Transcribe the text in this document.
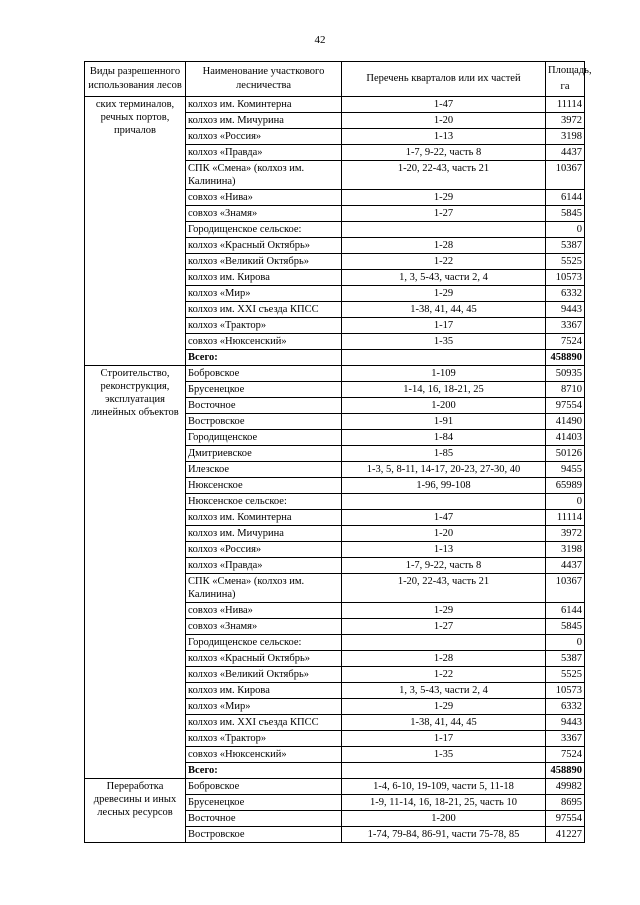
42
Виды разрешенного использования лесов	Наименование участкового лесничества	Перечень кварталов или их частей	Площадь, га
ских терминалов, речных портов, причалов	колхоз им. Коминтерна	1-47	11114
	колхоз им. Мичурина	1-20	3972
	колхоз «Россия»	1-13	3198
	колхоз «Правда»	1-7, 9-22, часть 8	4437
	СПК «Смена» (колхоз им. Калинина)	1-20, 22-43, часть 21	10367
	совхоз «Нива»	1-29	6144
	совхоз «Знамя»	1-27	5845
	Городищенское сельское:		0
	колхоз «Красный Октябрь»	1-28	5387
	колхоз «Великий Октябрь»	1-22	5525
	колхоз им. Кирова	1, 3, 5-43, части 2, 4	10573
	колхоз «Мир»	1-29	6332
	колхоз им. XXI съезда КПСС	1-38, 41, 44, 45	9443
	колхоз «Трактор»	1-17	3367
	совхоз «Нюксенский»	1-35	7524
	Всего:		458890
Строительство, реконструкция, эксплуатация линейных объектов	Бобровское	1-109	50935
	Брусенецкое	1-14, 16, 18-21, 25	8710
	Восточное	1-200	97554
	Востровское	1-91	41490
	Городищенское	1-84	41403
	Дмитриевское	1-85	50126
	Илезское	1-3, 5, 8-11, 14-17, 20-23, 27-30, 40	9455
	Нюксенское	1-96, 99-108	65989
	Нюксенское сельское:		0
	колхоз им. Коминтерна	1-47	11114
	колхоз им. Мичурина	1-20	3972
	колхоз «Россия»	1-13	3198
	колхоз «Правда»	1-7, 9-22, часть 8	4437
	СПК «Смена» (колхоз им. Калинина)	1-20, 22-43, часть 21	10367
	совхоз «Нива»	1-29	6144
	совхоз «Знамя»	1-27	5845
	Городищенское сельское:		0
	колхоз «Красный Октябрь»	1-28	5387
	колхоз «Великий Октябрь»	1-22	5525
	колхоз им. Кирова	1, 3, 5-43, части 2, 4	10573
	колхоз «Мир»	1-29	6332
	колхоз им. XXI съезда КПСС	1-38, 41, 44, 45	9443
	колхоз «Трактор»	1-17	3367
	совхоз «Нюксенский»	1-35	7524
	Всего:		458890
Переработка древесины и иных лесных ресурсов	Бобровское	1-4, 6-10, 19-109, части 5, 11-18	49982
	Брусенецкое	1-9, 11-14, 16, 18-21, 25, часть 10	8695
	Восточное	1-200	97554
	Востровское	1-74, 79-84, 86-91, части 75-78, 85	41227
